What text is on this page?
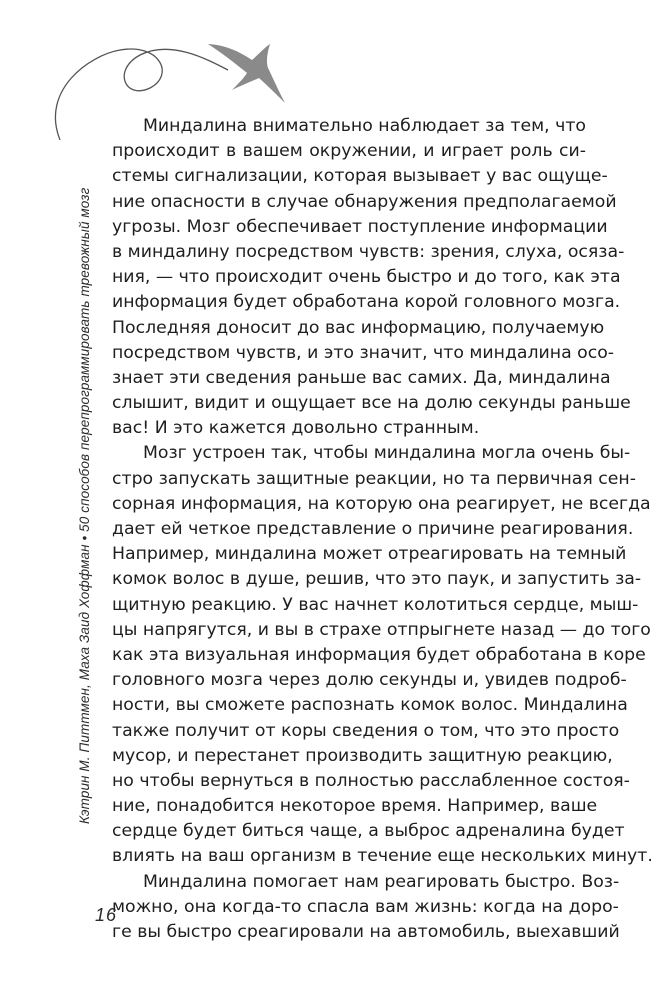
Кэтрин М. Питтмен, Маха Заид Хоффман • 50 способов перепрограммировать тревожный мозг
Миндалина внимательно наблюдает за тем, что
происходит в вашем окружении, и играет роль си-
стемы сигнализации, которая вызывает у вас ощуще-
ние опасности в случае обнаружения предполагаемой
угрозы. Мозг обеспечивает поступление информации
в миндалину посредством чувств: зрения, слуха, осяза-
ния, — что происходит очень быстро и до того, как эта
информация будет обработана корой головного мозга.
Последняя доносит до вас информацию, получаемую
посредством чувств, и это значит, что миндалина осо-
знает эти сведения раньше вас самих. Да, миндалина
слышит, видит и ощущает все на долю секунды раньше
вас! И это кажется довольно странным.
Мозг устроен так, чтобы миндалина могла очень бы-
стро запускать защитные реакции, но та первичная сен-
сорная информация, на которую она реагирует, не всегда
дает ей четкое представление о причине реагирования.
Например, миндалина может отреагировать на темный
комок волос в душе, решив, что это паук, и запустить за-
щитную реакцию. У вас начнет колотиться сердце, мыш-
цы напрягутся, и вы в страхе отпрыгнете назад — до того
как эта визуальная информация будет обработана в коре
головного мозга через долю секунды и, увидев подроб-
ности, вы сможете распознать комок волос. Миндалина
также получит от коры сведения о том, что это просто
мусор, и перестанет производить защитную реакцию,
но чтобы вернуться в полностью расслабленное состоя-
ние, понадобится некоторое время. Например, ваше
сердце будет биться чаще, а выброс адреналина будет
влиять на ваш организм в течение еще нескольких минут.
Миндалина помогает нам реагировать быстро. Воз-
можно, она когда-то спасла вам жизнь: когда на доро-
ге вы быстро среагировали на автомобиль, выехавший
16
